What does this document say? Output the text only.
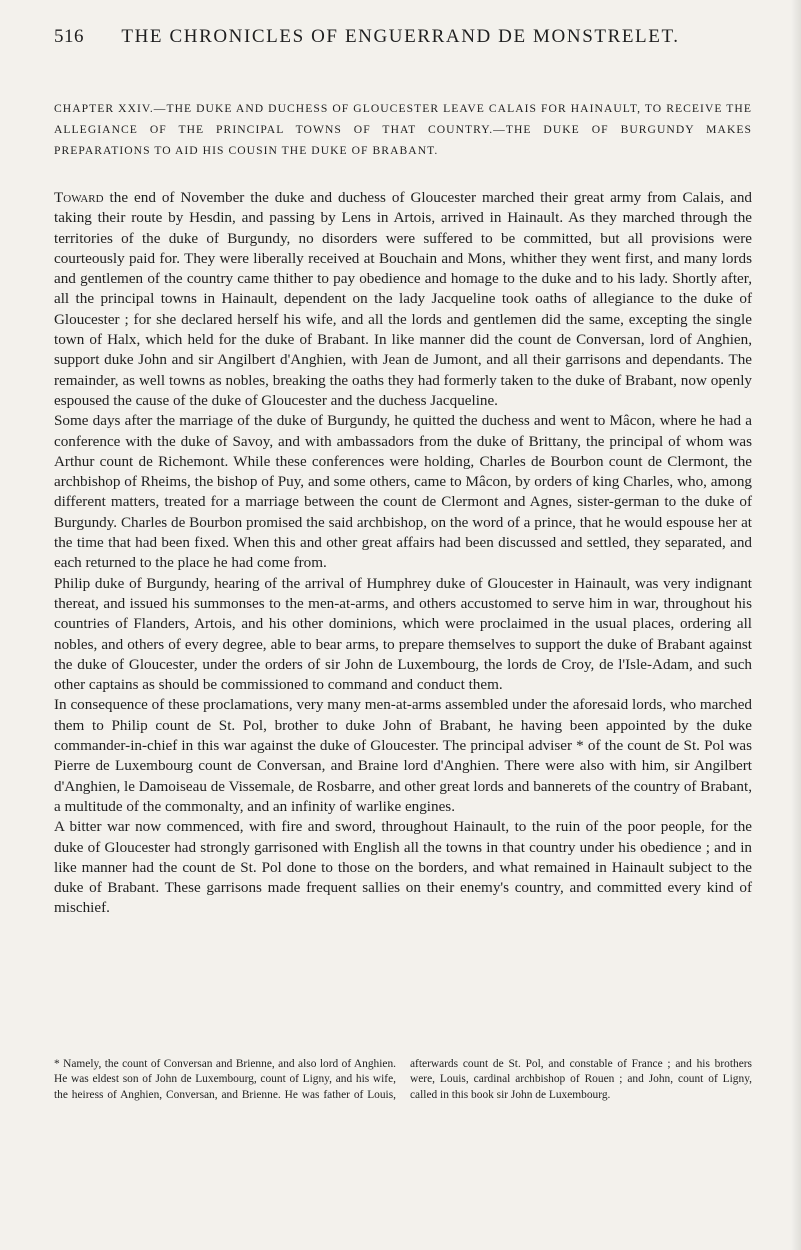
516	THE CHRONICLES OF ENGUERRAND DE MONSTRELET.
CHAPTER XXIV.—THE DUKE AND DUCHESS OF GLOUCESTER LEAVE CALAIS FOR HAINAULT, TO RECEIVE THE ALLEGIANCE OF THE PRINCIPAL TOWNS OF THAT COUNTRY.—THE DUKE OF BURGUNDY MAKES PREPARATIONS TO AID HIS COUSIN THE DUKE OF BRABANT.

Toward the end of November the duke and duchess of Gloucester marched their great army from Calais, and taking their route by Hesdin, and passing by Lens in Artois, arrived in Hainault. As they marched through the territories of the duke of Burgundy, no disorders were suffered to be committed, but all provisions were courteously paid for. They were liberally received at Bouchain and Mons, whither they went first, and many lords and gentlemen of the country came thither to pay obedience and homage to the duke and to his lady. Shortly after, all the principal towns in Hainault, dependent on the lady Jacqueline took oaths of allegiance to the duke of Gloucester ; for she declared herself his wife, and all the lords and gentlemen did the same, excepting the single town of Halx, which held for the duke of Brabant. In like manner did the count de Conversan, lord of Anghien, support duke John and sir Angilbert d'Anghien, with Jean de Jumont, and all their garrisons and dependants. The remainder, as well towns as nobles, breaking the oaths they had formerly taken to the duke of Brabant, now openly espoused the cause of the duke of Gloucester and the duchess Jacqueline.

Some days after the marriage of the duke of Burgundy, he quitted the duchess and went to Mâcon, where he had a conference with the duke of Savoy, and with ambassadors from the duke of Brittany, the principal of whom was Arthur count de Richemont. While these conferences were holding, Charles de Bourbon count de Clermont, the archbishop of Rheims, the bishop of Puy, and some others, came to Mâcon, by orders of king Charles, who, among different matters, treated for a marriage between the count de Clermont and Agnes, sister-german to the duke of Burgundy. Charles de Bourbon promised the said archbishop, on the word of a prince, that he would espouse her at the time that had been fixed. When this and other great affairs had been discussed and settled, they separated, and each returned to the place he had come from.

Philip duke of Burgundy, hearing of the arrival of Humphrey duke of Gloucester in Hainault, was very indignant thereat, and issued his summonses to the men-at-arms, and others accustomed to serve him in war, throughout his countries of Flanders, Artois, and his other dominions, which were proclaimed in the usual places, ordering all nobles, and others of every degree, able to bear arms, to prepare themselves to support the duke of Brabant against the duke of Gloucester, under the orders of sir John de Luxembourg, the lords de Croy, de l'Isle-Adam, and such other captains as should be commissioned to command and conduct them.

In consequence of these proclamations, very many men-at-arms assembled under the aforesaid lords, who marched them to Philip count de St. Pol, brother to duke John of Brabant, he having been appointed by the duke commander-in-chief in this war against the duke of Gloucester. The principal adviser * of the count de St. Pol was Pierre de Luxembourg count de Conversan, and Braine lord d'Anghien. There were also with him, sir Angilbert d'Anghien, le Damoiseau de Vissemale, de Rosbarre, and other great lords and bannerets of the country of Brabant, a multitude of the commonalty, and an infinity of warlike engines.

A bitter war now commenced, with fire and sword, throughout Hainault, to the ruin of the poor people, for the duke of Gloucester had strongly garrisoned with English all the towns in that country under his obedience ; and in like manner had the count de St. Pol done to those on the borders, and what remained in Hainault subject to the duke of Brabant. These garrisons made frequent sallies on their enemy's country, and committed every kind of mischief.

* Namely, the count of Conversan and Brienne, and also lord of Anghien. He was eldest son of John de Luxembourg, count of Ligny, and his wife, the heiress of Anghien, Conversan, and Brienne. He was father of Louis, afterwards count de St. Pol, and constable of France ; and his brothers were, Louis, cardinal archbishop of Rouen ; and John, count of Ligny, called in this book sir John de Luxembourg.
